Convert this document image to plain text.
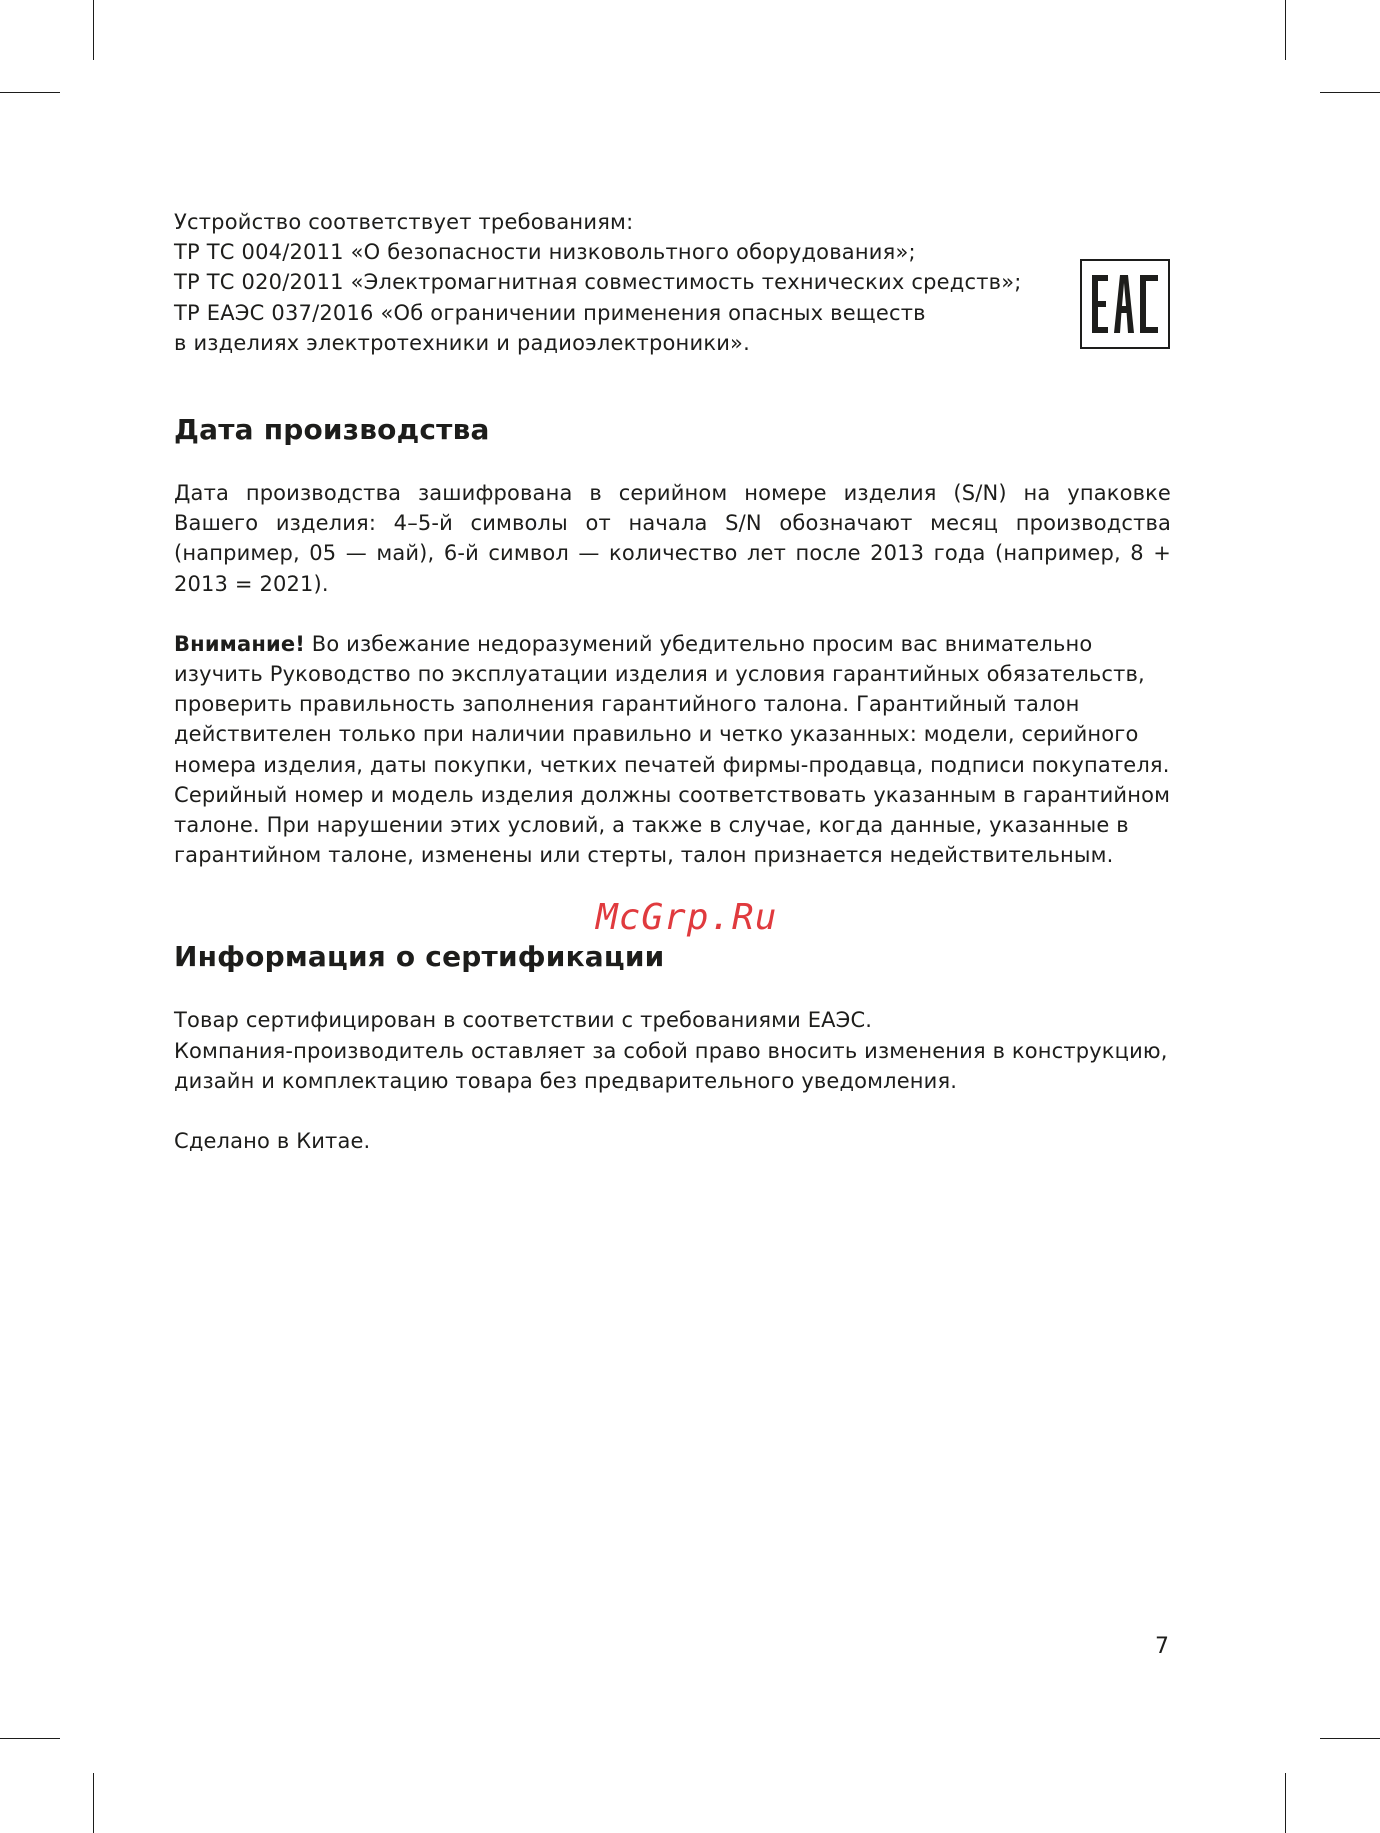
Устройство соответствует требованиям:
ТР ТС 004/2011 «О безопасности низковольтного оборудования»;
ТР ТС 020/2011 «Электромагнитная совместимость технических средств»;
ТР ЕАЭС 037/2016 «Об ограничении применения опасных веществ
в изделиях электротехники и радиоэлектроники».
Дата производства

Дата производства зашифрована в серийном номере изделия (S/N) на упаковке Вашего изделия: 4–5-й символы от начала S/N обозначают месяц производства (например, 05 — май), 6-й символ — количество лет после 2013 года (например, 8 + 2013 = 2021).

Внимание! Во избежание недоразумений убедительно просим вас внимательно изучить Руководство по эксплуатации изделия и условия гарантийных обязательств, проверить правильность заполнения гарантийного талона. Гарантийный талон действителен только при наличии правильно и четко указанных: модели, серийного номера изделия, даты покупки, четких печатей фирмы-продавца, подписи покупателя. Серийный номер и модель изделия должны соответствовать указанным в гарантийном талоне. При нарушении этих условий, а также в случае, когда данные, указанные в гарантийном талоне, изменены или стерты, талон признается недействительным.

Информация о сертификации

Товар сертифицирован в соответствии с требованиями ЕАЭС.

Компания-производитель оставляет за собой право вносить изменения в конструкцию, дизайн и комплектацию товара без предварительного уведомления.

Сделано в Китае.

McGrp.Ru
7
